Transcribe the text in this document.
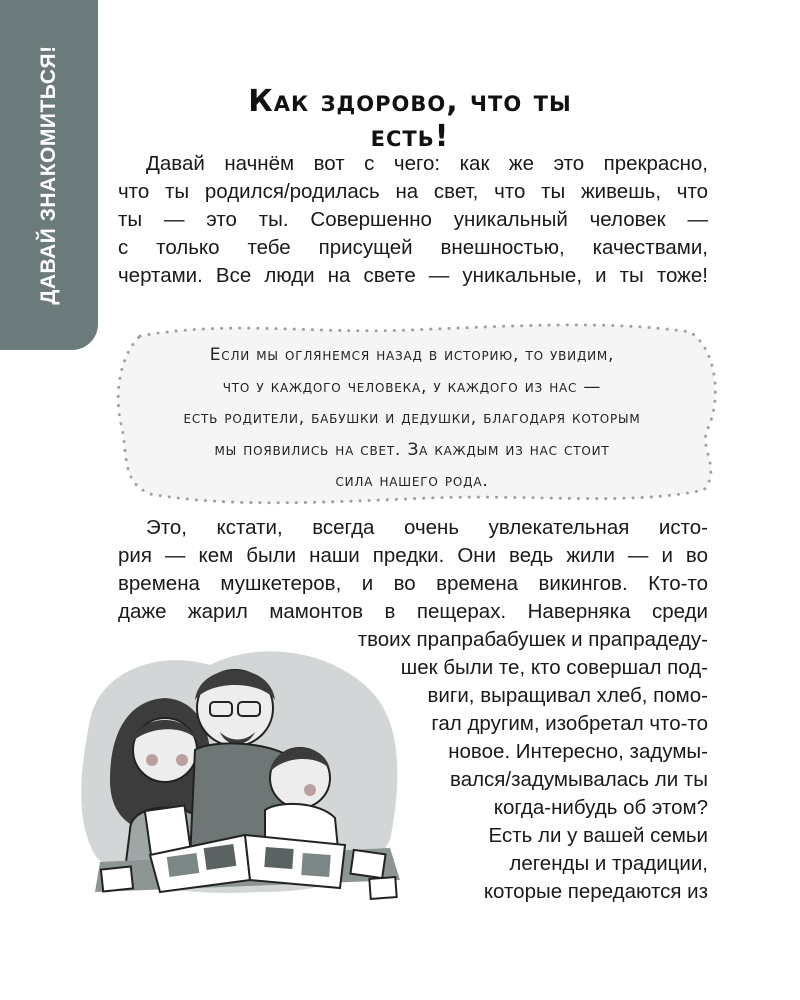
ДАВАЙ ЗНАКОМИТЬСЯ!	Как здорово, что ты есть!
Давай начнём вот с чего: как же это прекрасно,
что ты родился/родилась на свет, что ты живешь, что
ты — это ты. Совершенно уникальный человек —
с только тебе присущей внешностью, качествами,
чертами. Все люди на свете — уникальные, и ты тоже!
Если мы оглянемся назад в историю, то увидим,
что у каждого человека, у каждого из нас —
есть родители, бабушки и дедушки, благодаря которым
мы появились на свет. За каждым из нас стоит
сила нашего рода.
Это, кстати, всегда очень увлекательная исто-
рия — кем были наши предки. Они ведь жили — и во
времена мушкетеров, и во времена викингов. Кто-то
даже жарил мамонтов в пещерах. Наверняка среди
твоих прапрабабушек и прапрадеду-
шек были те, кто совершал под-
виги, выращивал хлеб, помо-
гал другим, изобретал что-то
новое. Интересно, задумы-
вался/задумывалась ли ты
когда-нибудь об этом?
Есть ли у вашей семьи
легенды и традиции,
которые передаются из
